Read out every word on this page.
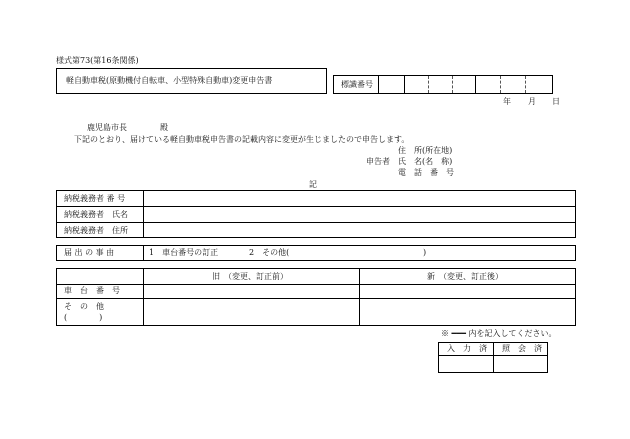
様式第73(第16条関係)
軽自動車税(原動機付自転車、小型特殊自動車)変更申告書	標識番号
年 月 日
鹿児島市長	殿
下記のとおり、届けている軽自動車税申告書の記載内容に変更が生じましたので申告します。
住　所(所在地)
申告者 氏　名(名　称)
電　話　番　号
記
納税義務者 番 号
納税義務者　氏名
納税義務者　住所
届 出 の 事 由	1　車台番号の訂正	2　その他(	)
旧　（変更、訂正前）	新　（変更、訂正後）
車　台　番　号
そ　の　他
(　　　　)
※ ━━━ 内を記入してください。
入　力　済 照　会　済
